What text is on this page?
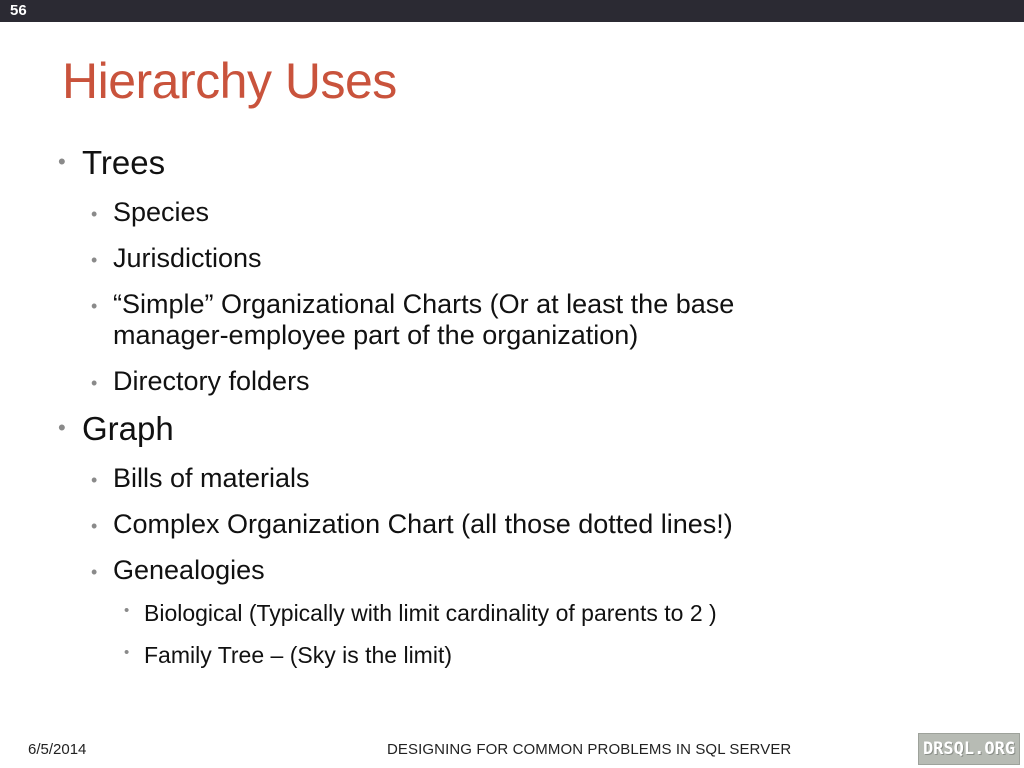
56
Hierarchy Uses
• Trees
• Species
• Jurisdictions
• “Simple” Organizational Charts (Or at least the base
manager-employee part of the organization)
• Directory folders
• Graph
• Bills of materials
• Complex Organization Chart (all those dotted lines!)
• Genealogies
• Biological (Typically with limit cardinality of parents to 2 )
• Family Tree – (Sky is the limit)
6/5/2014	DESIGNING FOR COMMON PROBLEMS IN SQL SERVER	DRSQL.ORG
